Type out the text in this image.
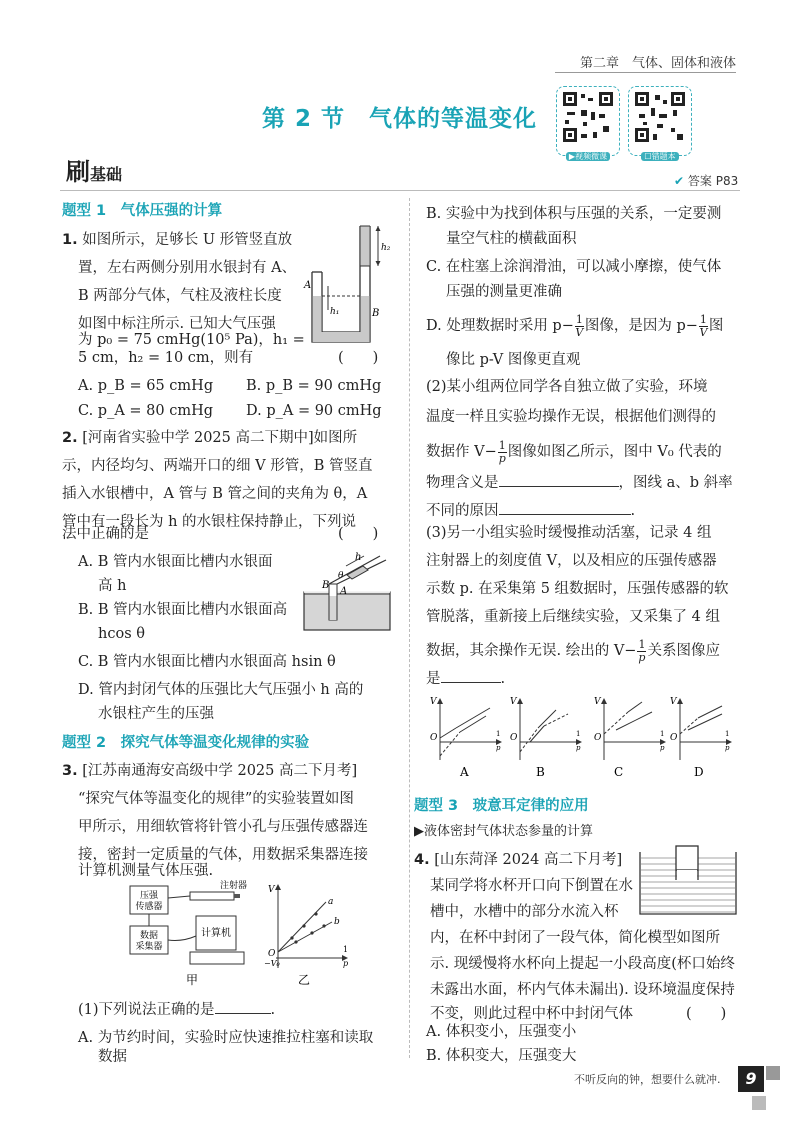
第二章　气体、固体和液体
第 2 节　气体的等温变化
▶视频微课	☐错题本
刷基础	✔ 答案 P83
题型 1　气体压强的计算
1. 如图所示，足够长 U 形管竖直放
置，左右两侧分别用水银封有 A、
B 两部分气体，气柱及液柱长度
如图中标注所示. 已知大气压强
为 p₀ = 75 cmHg(10⁵ Pa)，h₁ =
5 cm，h₂ = 10 cm，则有	(　　)
A. p_B = 65 cmHg B. p_B = 90 cmHg
C. p_A = 80 cmHg D. p_A = 90 cmHg
A
B
h₁
h₂
2. [河南省实验中学 2025 高二下期中]如图所
示，内径均匀、两端开口的细 V 形管，B 管竖直
插入水银槽中，A 管与 B 管之间的夹角为 θ，A
管中有一段长为 h 的水银柱保持静止，下列说
法中正确的是	(　　)
A. B 管内水银面比槽内水银面
高 h
B. B 管内水银面比槽内水银面高
hcos θ
C. B 管内水银面比槽内水银面高 hsin θ
D. 管内封闭气体的压强比大气压强小 h 高的
水银柱产生的压强
B
A
h
θ
题型 2　探究气体等温变化规律的实验
3. [江苏南通海安高级中学 2025 高二下月考]
“探究气体等温变化的规律”的实验装置如图
甲所示，用细软管将针管小孔与压强传感器连
接，密封一定质量的气体，用数据采集器连接
计算机测量气体压强.
压强
传感器
数据
采集器
注射器
计算机
甲
V
O
−V₀
a
b
1
p
乙
(1)下列说法正确的是	.
A. 为节约时间，实验时应快速推拉柱塞和读取
数据
B. 实验中为找到体积与压强的关系，一定要测
量空气柱的横截面积
C. 在柱塞上涂润滑油，可以减小摩擦，使气体
压强的测量更准确
D. 处理数据时采用 $p- \frac{1}{V}$ 图像，是因为 $p- \frac{1}{V}$ 图
像比 p-V 图像更直观
(2)某小组两位同学各自独立做了实验，环境
温度一样且实验均操作无误，根据他们测得的
数据作 $V- \frac{1}{p}$ 图像如图乙所示，图中 V₀ 代表的
物理含义是	，图线 a、b 斜率
不同的原因	.
(3)另一小组实验时缓慢推动活塞，记录 4 组
注射器上的刻度值 V，以及相应的压强传感器
示数 p. 在采集第 5 组数据时，压强传感器的软
管脱落，重新接上后继续实验，又采集了 4 组
数据，其余操作无误. 绘出的 $V- \frac{1}{p}$ 关系图像应
是	.
V
O	1
p
A
V
O	1
p
B
V
O	1
p
C
V
O	1
p
D
题型 3　玻意耳定律的应用
▶液体密封气体状态参量的计算
4. [山东菏泽 2024 高二下月考]
某同学将水杯开口向下倒置在水
槽中，水槽中的部分水流入杯
内，在杯中封闭了一段气体，简化模型如图所
示. 现缓慢将水杯向上提起一小段高度(杯口始终
未露出水面，杯内气体未漏出). 设环境温度保持
不变，则此过程中杯中封闭气体	(　　)
A. 体积变小，压强变小
B. 体积变大，压强变大
不听反向的钟，想要什么就冲.	9
